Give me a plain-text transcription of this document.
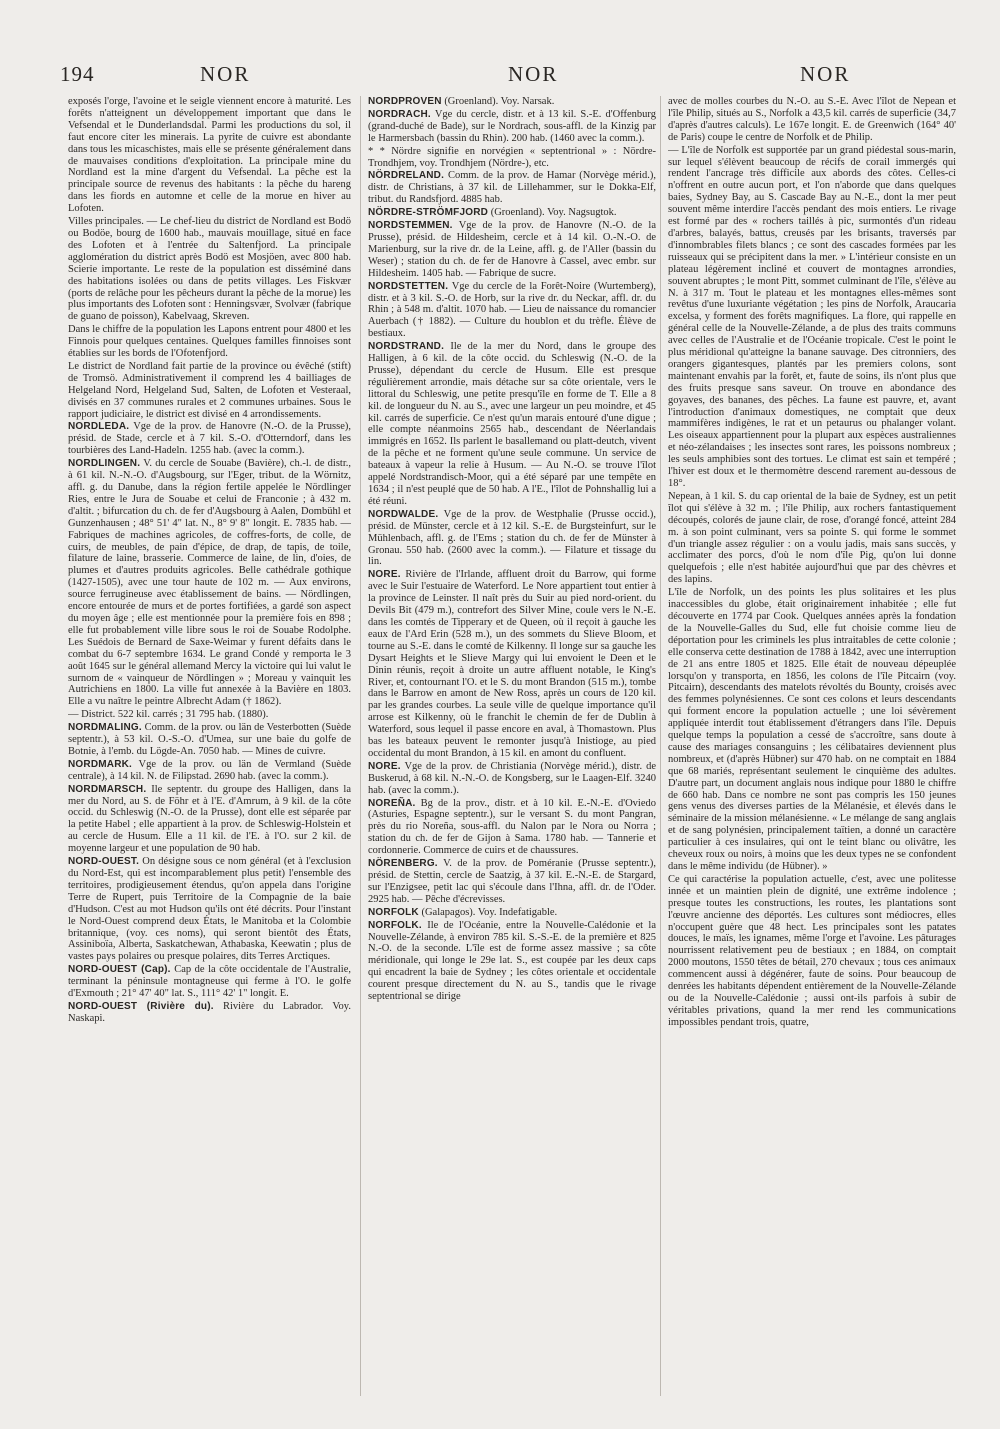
194	NOR	NOR	NOR

exposés l'orge, l'avoine et le seigle viennent encore à maturité. Les forêts n'atteignent un développement important que dans le Vefsendal et le Dunderlandsdal. Parmi les productions du sol, il faut encore citer les minerais. La pyrite de cuivre est abondante dans tous les micaschistes, mais elle se présente généralement dans de mauvaises conditions d'exploitation. La principale mine du Nordland est la mine d'argent du Vefsendal. La pêche est la principale source de revenus des habitants : la pêche du hareng dans les fiords en automne et celle de la morue en hiver au Lofoten.

Villes principales. — Le chef-lieu du district de Nordland est Bodö ou Bodöe, bourg de 1600 hab., mauvais mouillage, situé en face des Lofoten et à l'entrée du Saltenfjord. La principale agglomération du district après Bodö est Mosjöen, avec 800 hab. Scierie importante. Le reste de la population est disséminé dans des habitations isolées ou dans de petits villages. Les Fiskvær (ports de relâche pour les pêcheurs durant la pêche de la morue) les plus importants des Lofoten sont : Henningsvær, Svolvær (fabrique de guano de poisson), Kabelvaag, Skreven.

Dans le chiffre de la population les Lapons entrent pour 4800 et les Finnois pour quelques centaines. Quelques familles finnoises sont établies sur les bords de l'Ofotenfjord.

Le district de Nordland fait partie de la province ou évêché (stift) de Tromsö. Administrativement il comprend les 4 bailliages de Helgeland Nord, Helgeland Sud, Salten, de Lofoten et Vesteraal, divisés en 37 communes rurales et 2 communes urbaines. Sous le rapport judiciaire, le district est divisé en 4 arrondissements.

NORDLEDA. Vge de la prov. de Hanovre (N.-O. de la Prusse), présid. de Stade, cercle et à 7 kil. S.-O. d'Otterndorf, dans les tourbières des Land-Hadeln. 1255 hab. (avec la comm.).

NORDLINGEN. V. du cercle de Souabe (Bavière), ch.-l. de distr., à 61 kil. N.-N.-O. d'Augsbourg, sur l'Eger, tribut. de la Wörnitz, affl. g. du Danube, dans la région fertile appelée le Nördlinger Ries, entre le Jura de Souabe et celui de Franconie ; à 432 m. d'altit. ; bifurcation du ch. de fer d'Augsbourg à Aalen, Dombühl et Gunzenhausen ; 48° 51' 4" lat. N., 8° 9' 8" longit. E. 7835 hab. — Fabriques de machines agricoles, de coffres-forts, de colle, de cuirs, de meubles, de pain d'épice, de drap, de tapis, de toile, filature de laine, brasserie. Commerce de laine, de lin, d'oies, de plumes et d'autres produits agricoles. Belle cathédrale gothique (1427-1505), avec une tour haute de 102 m. — Aux environs, source ferrugineuse avec établissement de bains. — Nördlingen, encore entourée de murs et de portes fortifiées, a gardé son aspect du moyen âge ; elle est mentionnée pour la première fois en 898 ; elle fut probablement ville libre sous le roi de Souabe Rodolphe. Les Suédois de Bernard de Saxe-Weimar y furent défaits dans le combat du 6-7 septembre 1634. Le grand Condé y remporta le 3 août 1645 sur le général allemand Mercy la victoire qui lui valut le surnom de « vainqueur de Nördlingen » ; Moreau y vainquit les Autrichiens en 1800. La ville fut annexée à la Bavière en 1803. Elle a vu naître le peintre Albrecht Adam († 1862).

— District. 522 kil. carrés ; 31 795 hab. (1880).

NORDMALING. Comm. de la prov. ou län de Vesterbotten (Suède septentr.), à 53 kil. O.-S.-O. d'Umea, sur une baie du golfe de Botnie, à l'emb. du Lögde-An. 7050 hab. — Mines de cuivre.

NORDMARK. Vge de la prov. ou län de Vermland (Suède centrale), à 14 kil. N. de Filipstad. 2690 hab. (avec la comm.).

NORDMARSCH. Ile septentr. du groupe des Halligen, dans la mer du Nord, au S. de Föhr et à l'E. d'Amrum, à 9 kil. de la côte occid. du Schleswig (N.-O. de la Prusse), dont elle est séparée par la petite Habel ; elle appartient à la prov. de Schleswig-Holstein et au cercle de Husum. Elle a 11 kil. de l'E. à l'O. sur 2 kil. de moyenne largeur et une population de 90 hab.

NORD-OUEST. On désigne sous ce nom général (et à l'exclusion du Nord-Est, qui est incomparablement plus petit) l'ensemble des territoires, prodigieusement étendus, qu'on appela dans l'origine Terre de Rupert, puis Territoire de la Compagnie de la baie d'Hudson. C'est au mot Hudson qu'ils ont été décrits. Pour l'instant le Nord-Ouest comprend deux États, le Manitoba et la Colombie britannique, (voy. ces noms), qui seront bientôt des États, Assiniboïa, Alberta, Saskatchewan, Athabaska, Keewatin ; plus de vastes pays polaires ou presque polaires, dits Terres Arctiques.

NORD-OUEST (Cap). Cap de la côte occidentale de l'Australie, terminant la péninsule montagneuse qui ferme à l'O. le golfe d'Exmouth ; 21° 47' 40" lat. S., 111° 42' 1" longit. E.

NORD-OUEST (Rivière du). Rivière du Labrador. Voy. Naskapi.

NORDPRÖVEN (Groenland). Voy. Narsak.

NORDRACH. Vge du cercle, distr. et à 13 kil. S.-E. d'Offenburg (grand-duché de Bade), sur le Nordrach, sous-affl. de la Kinzig par le Harmersbach (bassin du Rhin). 200 hab. (1460 avec la comm.).

* * Nördre signifie en norvégien « septentrional » : Nördre-Trondhjem, voy. Trondhjem (Nördre-), etc.

NÖRDRELAND. Comm. de la prov. de Hamar (Norvège mérid.), distr. de Christians, à 37 kil. de Lillehammer, sur le Dokka-Elf, tribut. du Randsfjord. 4885 hab.

NÖRDRE-STRÖMFJORD (Groenland). Voy. Nagsugtok.

NORDSTEMMEN. Vge de la prov. de Hanovre (N.-O. de la Prusse), présid. de Hildesheim, cercle et à 14 kil. O.-N.-O. de Marienburg, sur la rive dr. de la Leine, affl. g. de l'Aller (bassin du Weser) ; station du ch. de fer de Hanovre à Cassel, avec embr. sur Hildesheim. 1405 hab. — Fabrique de sucre.

NORDSTETTEN. Vge du cercle de la Forêt-Noire (Wurtemberg), distr. et à 3 kil. S.-O. de Horb, sur la rive dr. du Neckar, affl. dr. du Rhin ; à 548 m. d'altit. 1070 hab. — Lieu de naissance du romancier Auerbach († 1882). — Culture du houblon et du trèfle. Élève de bestiaux.

NORDSTRAND. Ile de la mer du Nord, dans le groupe des Halligen, à 6 kil. de la côte occid. du Schleswig (N.-O. de la Prusse), dépendant du cercle de Husum. Elle est presque régulièrement arrondie, mais détache sur sa côte orientale, vers le littoral du Schleswig, une petite presqu'île en forme de T. Elle a 8 kil. de longueur du N. au S., avec une largeur un peu moindre, et 45 kil. carrés de superficie. Ce n'est qu'un marais entouré d'une digue ; elle compte néanmoins 2565 hab., descendant de Néerlandais immigrés en 1652. Ils parlent le basallemand ou platt-deutch, vivent de la pêche et ne forment qu'une seule commune. Un service de bateaux à vapeur la relie à Husum. — Au N.-O. se trouve l'îlot appelé Nordstrandisch-Moor, qui a été séparé par une tempête en 1634 ; il n'est peuplé que de 50 hab. A l'E., l'îlot de Pohnshallig lui a été réuni.

NORDWALDE. Vge de la prov. de Westphalie (Prusse occid.), présid. de Münster, cercle et à 12 kil. S.-E. de Burgsteinfurt, sur le Mühlenbach, affl. g. de l'Ems ; station du ch. de fer de Münster à Gronau. 550 hab. (2600 avec la comm.). — Filature et tissage du lin.

NORE. Rivière de l'Irlande, affluent droit du Barrow, qui forme avec le Suir l'estuaire de Waterford. Le Nore appartient tout entier à la province de Leinster. Il naît près du Suir au pied nord-orient. du Devils Bit (479 m.), contrefort des Silver Mine, coule vers le N.-E. dans les comtés de Tipperary et de Queen, où il reçoit à gauche les eaux de l'Ard Erin (528 m.), un des sommets du Slieve Bloom, et tourne au S.-E. dans le comté de Kilkenny. Il longe sur sa gauche les Dysart Heights et le Slieve Margy qui lui envoient le Deen et le Dinin réunis, reçoit à droite un autre affluent notable, le King's River, et, contournant l'O. et le S. du mont Brandon (515 m.), tombe dans le Barrow en amont de New Ross, après un cours de 120 kil. par les grandes courbes. La seule ville de quelque importance qu'il arrose est Kilkenny, où le franchit le chemin de fer de Dublin à Waterford, sous lequel il passe encore en aval, à Thomastown. Plus bas les bateaux peuvent le remonter jusqu'à Inistioge, au pied occidental du mont Brandon, à 15 kil. en amont du confluent.

NORE. Vge de la prov. de Christiania (Norvège mérid.), distr. de Buskerud, à 68 kil. N.-N.-O. de Kongsberg, sur le Laagen-Elf. 3240 hab. (avec la comm.).

NOREÑA. Bg de la prov., distr. et à 10 kil. E.-N.-E. d'Oviedo (Asturies, Espagne septentr.), sur le versant S. du mont Pangran, près du rio Noreña, sous-affl. du Nalon par le Nora ou Norra ; station du ch. de fer de Gijon à Sama. 1780 hab. — Tannerie et cordonnerie. Commerce de cuirs et de chaussures.

NÖRENBERG. V. de la prov. de Poméranie (Prusse septentr.), présid. de Stettin, cercle de Saatzig, à 37 kil. E.-N.-E. de Stargard, sur l'Enzigsee, petit lac qui s'écoule dans l'Ihna, affl. dr. de l'Oder. 2925 hab. — Pêche d'écrevisses.

NORFOLK (Galapagos). Voy. Indefatigable.

NORFOLK. Ile de l'Océanie, entre la Nouvelle-Calédonie et la Nouvelle-Zélande, à environ 785 kil. S.-S.-E. de la première et 825 N.-O. de la seconde. L'île est de forme assez massive ; sa côte méridionale, qui longe le 29e lat. S., est coupée par les deux caps qui encadrent la baie de Sydney ; les côtes orientale et occidentale courent presque directement du N. au S., tandis que le rivage septentrional se dirige

avec de molles courbes du N.-O. au S.-E. Avec l'îlot de Nepean et l'île Philip, situés au S., Norfolk a 43,5 kil. carrés de superficie (34,7 d'après d'autres calculs). Le 167e longit. E. de Greenwich (164° 40' de Paris) coupe le centre de Norfolk et de Philip.

— L'île de Norfolk est supportée par un grand piédestal sous-marin, sur lequel s'élèvent beaucoup de récifs de corail immergés qui rendent l'ancrage très difficile aux abords des côtes. Celles-ci n'offrent en outre aucun port, et l'on n'aborde que dans quelques baies, Sydney Bay, au S. Cascade Bay au N.-E., dont la mer peut souvent même interdire l'accès pendant des mois entiers. Le rivage est formé par des « rochers taillés à pic, surmontés d'un rideau d'arbres, balayés, battus, creusés par les brisants, traversés par d'innombrables filets blancs ; ce sont des cascades formées par les ruisseaux qui se précipitent dans la mer. » L'intérieur consiste en un plateau légèrement incliné et couvert de montagnes arrondies, souvent abruptes ; le mont Pitt, sommet culminant de l'île, s'élève au N. à 317 m. Tout le plateau et les montagnes elles-mêmes sont revêtus d'une luxuriante végétation ; les pins de Norfolk, Araucaria excelsa, y forment des forêts magnifiques. La flore, qui rappelle en général celle de la Nouvelle-Zélande, a de plus des traits communs avec celles de l'Australie et de l'Océanie tropicale. C'est le point le plus méridional qu'atteigne la banane sauvage. Des citronniers, des orangers gigantesques, plantés par les premiers colons, sont maintenant envahis par la forêt, et, faute de soins, ils n'ont plus que des fruits presque sans saveur. On trouve en abondance des goyaves, des bananes, des pêches. La faune est pauvre, et, avant l'introduction d'animaux domestiques, ne comptait que deux mammifères indigènes, le rat et un petaurus ou phalanger volant. Les oiseaux appartiennent pour la plupart aux espèces australiennes et néo-zélandaises ; les insectes sont rares, les poissons nombreux ; les seuls amphibies sont des tortues. Le climat est sain et tempéré ; l'hiver est doux et le thermomètre descend rarement au-dessous de 18°.

Nepean, à 1 kil. S. du cap oriental de la baie de Sydney, est un petit îlot qui s'élève à 32 m. ; l'île Philip, aux rochers fantastiquement découpés, colorés de jaune clair, de rose, d'orangé foncé, atteint 284 m. à son point culminant, vers sa pointe S. qui forme le sommet d'un triangle assez régulier : on a voulu jadis, mais sans succès, y acclimater des porcs, d'où le nom d'île Pig, qu'on lui donne quelquefois ; elle n'est habitée aujourd'hui que par des chèvres et des lapins.

L'île de Norfolk, un des points les plus solitaires et les plus inaccessibles du globe, était originairement inhabitée ; elle fut découverte en 1774 par Cook. Quelques années après la fondation de la Nouvelle-Galles du Sud, elle fut choisie comme lieu de déportation pour les criminels les plus intraitables de cette colonie ; elle conserva cette destination de 1788 à 1842, avec une interruption de 21 ans entre 1805 et 1825. Elle était de nouveau dépeuplée lorsqu'on y transporta, en 1856, les colons de l'île Pitcairn (voy. Pitcairn), descendants des matelots révoltés du Bounty, croisés avec des femmes polynésiennes. Ce sont ces colons et leurs descendants qui forment encore la population actuelle ; une loi sévèrement appliquée interdit tout établissement d'étrangers dans l'île. Depuis quelque temps la population a cessé de s'accroître, sans doute à cause des mariages consanguins ; les célibataires deviennent plus nombreux, et (d'après Hübner) sur 470 hab. on ne comptait en 1884 que 68 mariés, représentant seulement le cinquième des adultes. D'autre part, un document anglais nous indique pour 1880 le chiffre de 660 hab. Dans ce nombre ne sont pas compris les 150 jeunes gens venus des diverses parties de la Mélanésie, et élevés dans le séminaire de la mission mélanésienne. « Le mélange de sang anglais et de sang polynésien, principalement taïtien, a donné un caractère particulier à ces insulaires, qui ont le teint blanc ou olivâtre, les cheveux roux ou noirs, à moins que les deux types ne se confondent dans le même individu (de Hübner). »

Ce qui caractérise la population actuelle, c'est, avec une politesse innée et un maintien plein de dignité, une extrême indolence ; presque toutes les constructions, les routes, les plantations sont l'œuvre ancienne des déportés. Les cultures sont médiocres, elles n'occupent guère que 48 hect. Les principales sont les patates douces, le maïs, les ignames, même l'orge et l'avoine. Les pâturages nourrissent relativement peu de bestiaux ; en 1884, on comptait 2000 moutons, 1550 têtes de bétail, 270 chevaux ; tous ces animaux commencent aussi à dégénérer, faute de soins. Pour beaucoup de denrées les habitants dépendent entièrement de la Nouvelle-Zélande ou de la Nouvelle-Calédonie ; aussi ont-ils parfois à subir de véritables privations, quand la mer rend les communications impossibles pendant trois, quatre,
